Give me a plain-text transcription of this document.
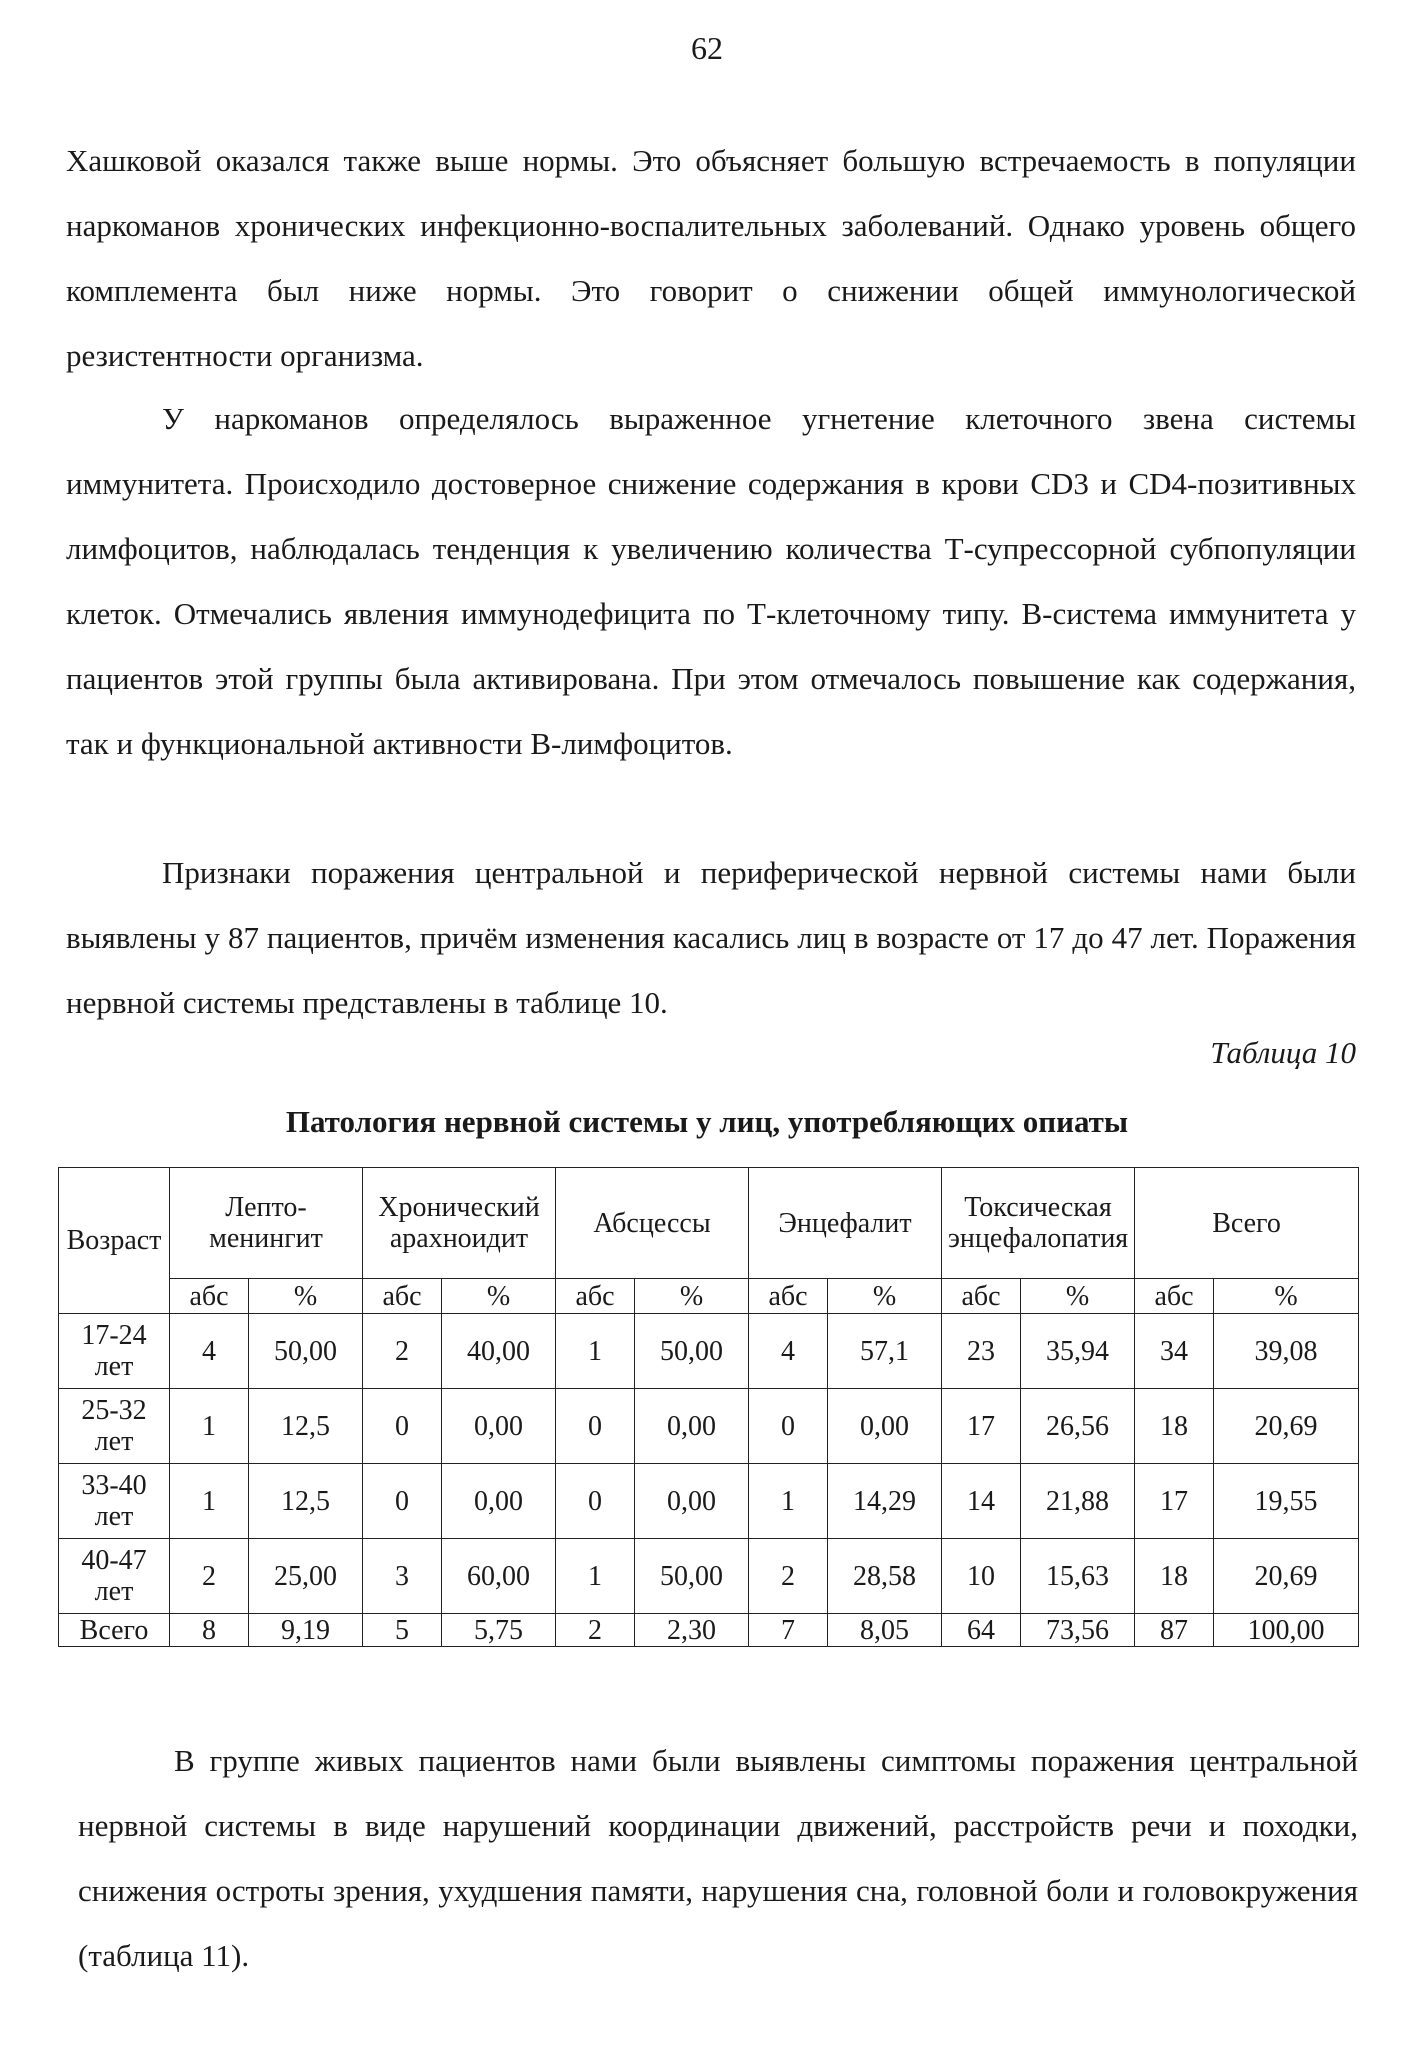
62

Хашковой оказался также выше нормы. Это объясняет большую встречаемость в популяции наркоманов хронических инфекционно-воспалительных заболеваний. Однако уровень общего комплемента был ниже нормы. Это говорит о снижении общей иммунологической резистентности организма.

У наркоманов определялось выраженное угнетение клеточного звена системы иммунитета. Происходило достоверное снижение содержания в крови CD3 и CD4-позитивных лимфоцитов, наблюдалась тенденция к увеличению количества Т-супрессорной субпопуляции клеток. Отмечались явления иммунодефицита по Т-клеточному типу. В-система иммунитета у пациентов этой группы была активирована. При этом отмечалось повышение как содержания, так и функциональной активности В-лимфоцитов.

Признаки поражения центральной и периферической нервной системы нами были выявлены у 87 пациентов, причём изменения касались лиц в возрасте от 17 до 47 лет. Поражения нервной системы представлены в таблице 10.

Таблица 10
Патология нервной системы у лиц, употребляющих опиаты
Возраст	Лепто-менингит		Хронический арахноидит		Абсцессы		Энцефалит		Токсическая энцефалопатия		Всего	
	абс	%	абс	%	абс	%	абс	%	абс	%	абс	%
17-24 лет	4	50,00	2	40,00	1	50,00	4	57,1	23	35,94	34	39,08
25-32 лет	1	12,5	0	0,00	0	0,00	0	0,00	17	26,56	18	20,69
33-40 лет	1	12,5	0	0,00	0	0,00	1	14,29	14	21,88	17	19,55
40-47 лет	2	25,00	3	60,00	1	50,00	2	28,58	10	15,63	18	20,69
Всего	8	9,19	5	5,75	2	2,30	7	8,05	64	73,56	87	100,00

В группе живых пациентов нами были выявлены симптомы поражения центральной нервной системы в виде нарушений координации движений, расстройств речи и походки, снижения остроты зрения, ухудшения памяти, нарушения сна, головной боли и головокружения (таблица 11).
